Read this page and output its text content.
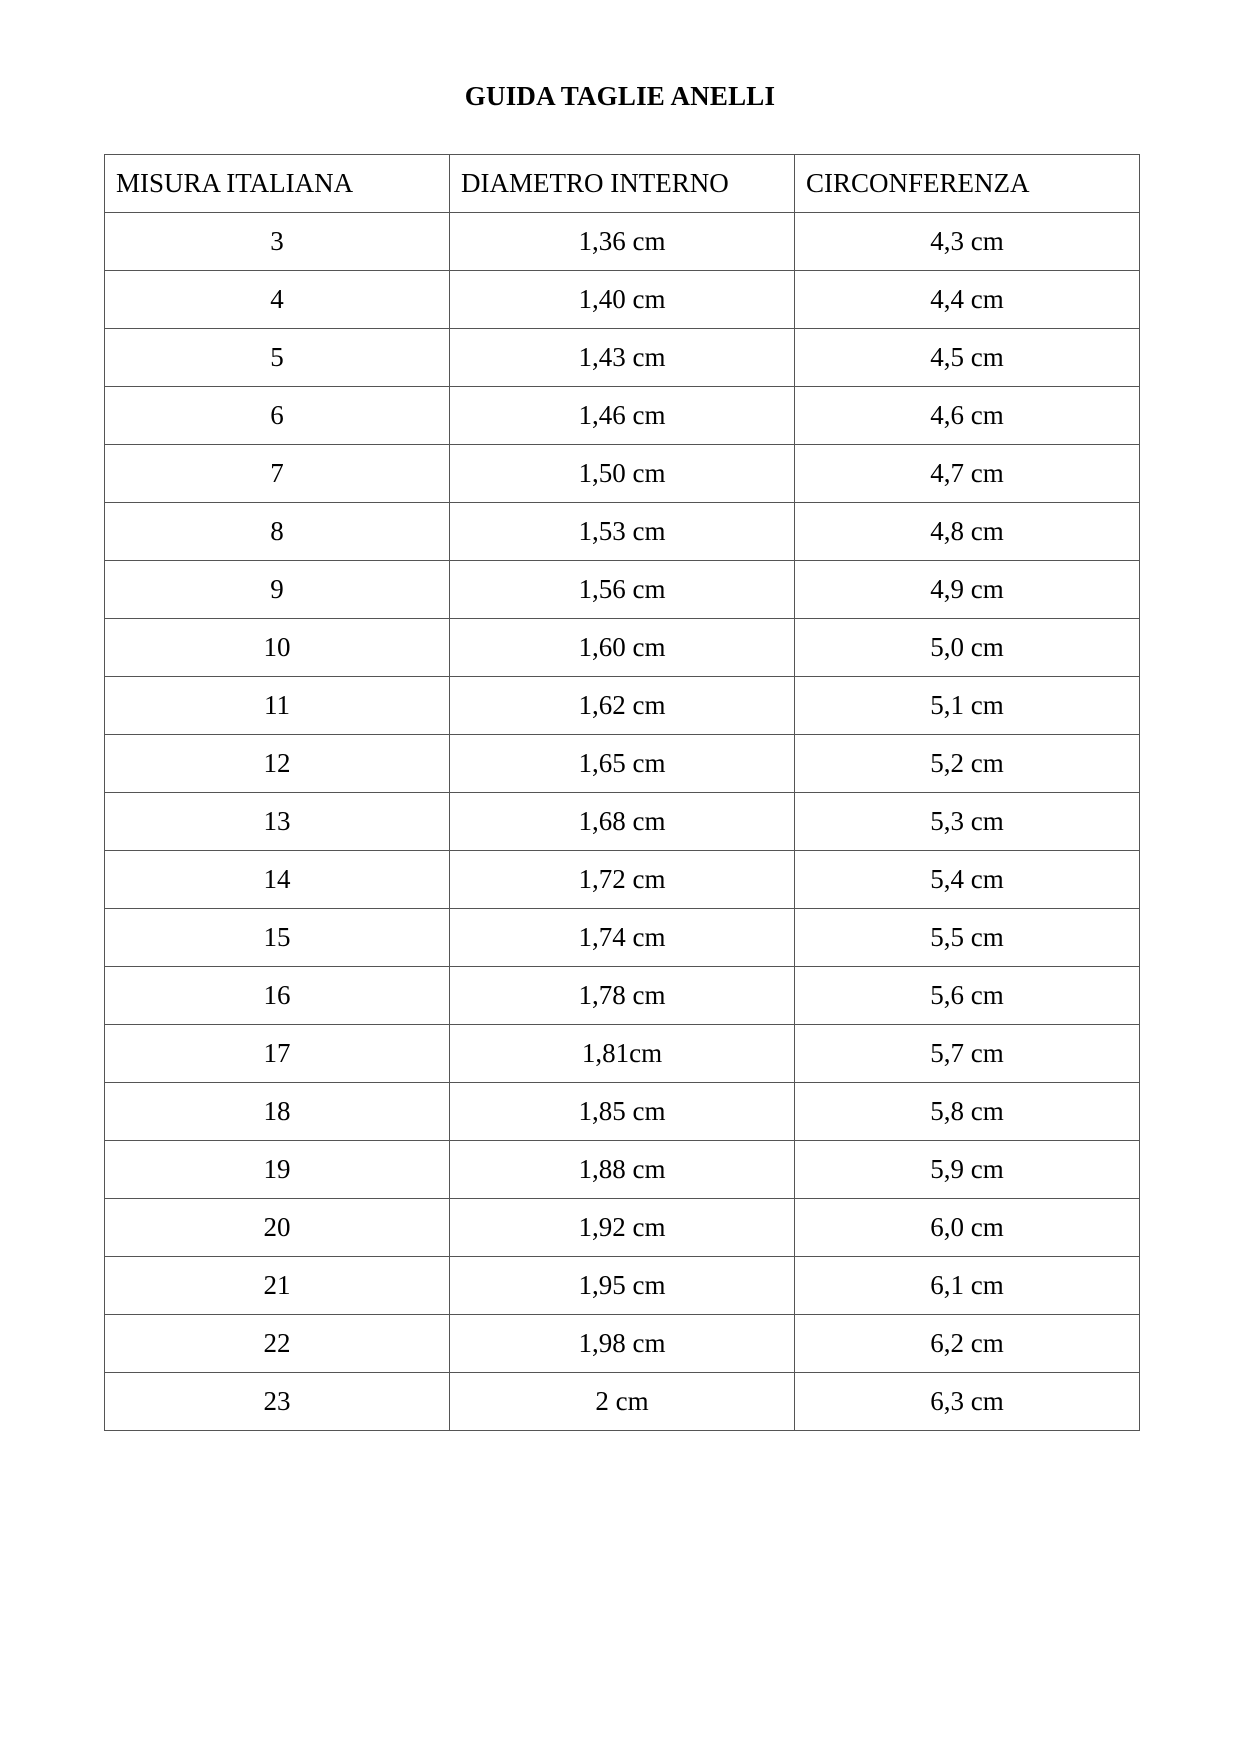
GUIDA TAGLIE ANELLI
MISURA ITALIANA	DIAMETRO INTERNO	CIRCONFERENZA
3	1,36 cm	4,3 cm
4	1,40 cm	4,4 cm
5	1,43 cm	4,5 cm
6	1,46 cm	4,6 cm
7	1,50 cm	4,7 cm
8	1,53 cm	4,8 cm
9	1,56 cm	4,9 cm
10	1,60 cm	5,0 cm
11	1,62 cm	5,1 cm
12	1,65 cm	5,2 cm
13	1,68 cm	5,3 cm
14	1,72 cm	5,4 cm
15	1,74 cm	5,5 cm
16	1,78 cm	5,6 cm
17	1,81cm	5,7 cm
18	1,85 cm	5,8 cm
19	1,88 cm	5,9 cm
20	1,92 cm	6,0 cm
21	1,95 cm	6,1 cm
22	1,98 cm	6,2 cm
23	2 cm	6,3 cm
